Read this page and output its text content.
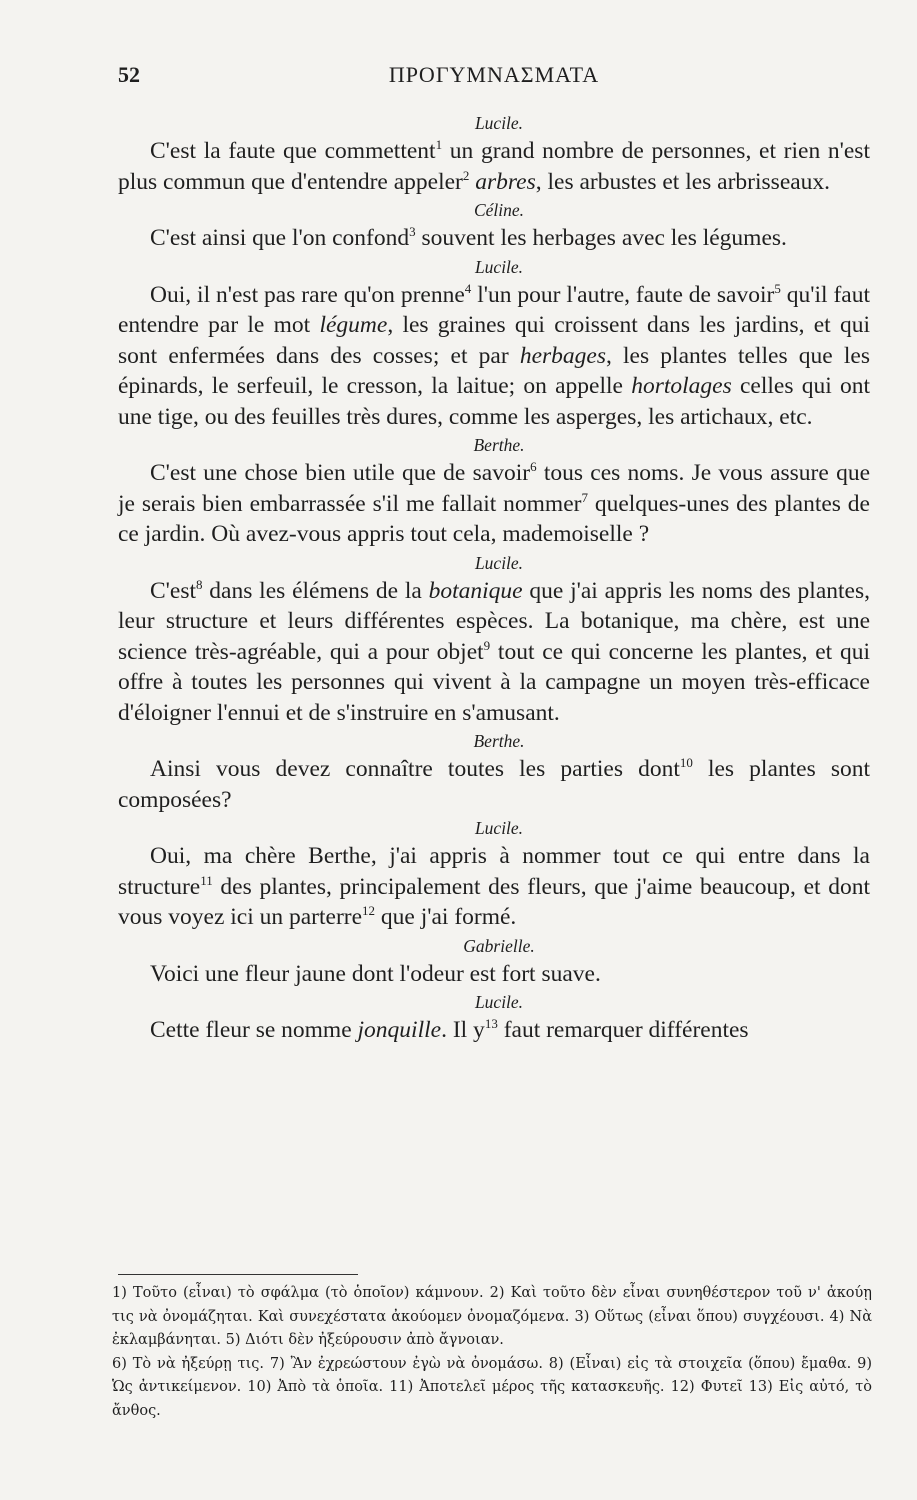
52	ΠΡΟΓΥΜΝΑΣΜΑΤΑ
Lucile.

C'est la faute que commettent$^1$ un grand nombre de personnes, et rien n'est plus commun que d'entendre appeler$^2$ arbres, les arbustes et les arbrisseaux.

Céline.

C'est ainsi que l'on confond$^3$ souvent les herbages avec les légumes.

Lucile.

Oui, il n'est pas rare qu'on prenne$^4$ l'un pour l'autre, faute de savoir$^5$ qu'il faut entendre par le mot légume, les graines qui croissent dans les jardins, et qui sont enfermées dans des cosses; et par herbages, les plantes telles que les épinards, le serfeuil, le cresson, la laitue; on appelle hortolages celles qui ont une tige, ou des feuilles très dures, comme les asperges, les artichaux, etc.

Berthe.

C'est une chose bien utile que de savoir$^6$ tous ces noms. Je vous assure que je serais bien embarrassée s'il me fallait nommer$^7$ quelques-unes des plantes de ce jardin. Où avez-vous appris tout cela, mademoiselle ?

Lucile.

C'est$^8$ dans les élémens de la botanique que j'ai appris les noms des plantes, leur structure et leurs différentes espèces. La botanique, ma chère, est une science très-agréable, qui a pour objet$^9$ tout ce qui concerne les plantes, et qui offre à toutes les personnes qui vivent à la campagne un moyen très-efficace d'éloigner l'ennui et de s'instruire en s'amusant.

Berthe.

Ainsi vous devez connaître toutes les parties dont$^{10}$ les plantes sont composées?

Lucile.

Oui, ma chère Berthe, j'ai appris à nommer tout ce qui entre dans la structure$^{11}$ des plantes, principalement des fleurs, que j'aime beaucoup, et dont vous voyez ici un parterre$^{12}$ que j'ai formé.

Gabrielle.

Voici une fleur jaune dont l'odeur est fort suave.

Lucile.

Cette fleur se nomme jonquille. Il $y^{13}$ faut remarquer différentes

1) Τοῦτο (εἶναι) τὸ σφάλμα (τὸ ὁποῖον) κάμνουν. 2) Καὶ τοῦτο δὲν εἶναι συνηθέστερον τοῦ ν' ἀκούῃ τις νὰ ὀνομάζηται. Καὶ συνεχέστατα ἀκούομεν ὀνομαζόμενα. 3) Οὕτως (εἶναι ὅπου) συγχέουσι. 4) Νὰ ἐκλαμβάνηται. 5) Διότι δὲν ἠξεύρουσιν ἀπὸ ἄγνοιαν.

6) Τὸ νὰ ἠξεύρῃ τις. 7) Ἂν ἐχρεώστουν ἐγὼ νὰ ὀνομάσω. 8) (Εἶναι) εἰς τὰ στοιχεῖα (ὅπου) ἔμαθα. 9) Ὡς ἀντικείμενον. 10) Ἀπὸ τὰ ὁποῖα. 11) Ἀποτελεῖ μέρος τῆς κατασκευῆς. 12) Φυτεῖ 13) Εἰς αὐτό, τὸ ἄνθος.
